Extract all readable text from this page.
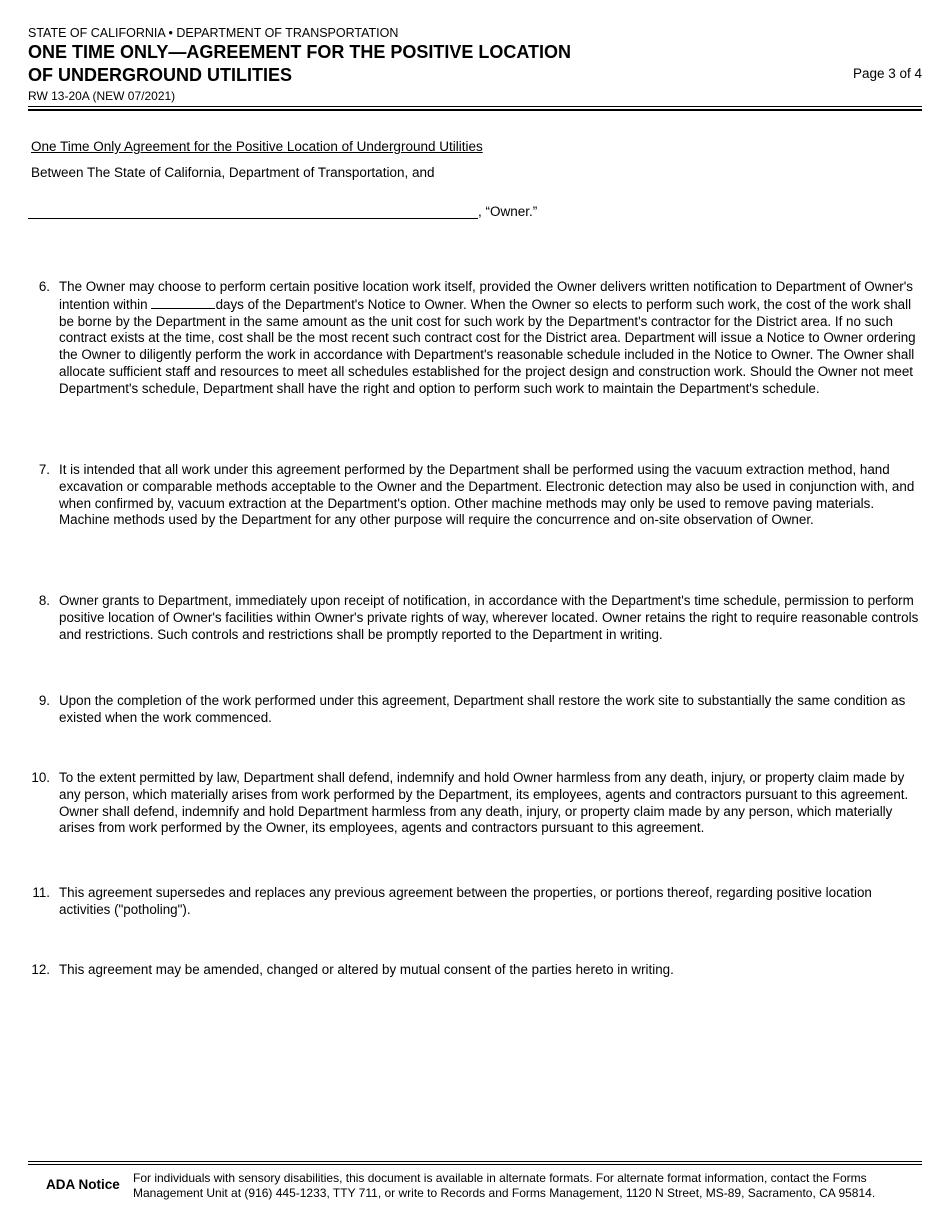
STATE OF CALIFORNIA • DEPARTMENT OF TRANSPORTATION
ONE TIME ONLY—AGREEMENT FOR THE POSITIVE LOCATION
OF UNDERGROUND UTILITIES
RW 13-20A (NEW 07/2021)
Page 3 of 4
One Time Only Agreement for the Positive Location of Underground Utilities
Between The State of California, Department of Transportation, and
, “Owner.”
6. The Owner may choose to perform certain positive location work itself, provided the Owner delivers written notification to Department of Owner's intention within	days of the Department's Notice to Owner. When the Owner so elects to perform such work, the cost of the work shall be borne by the Department in the same amount as the unit cost for such work by the Department's contractor for the District area. If no such contract exists at the time, cost shall be the most recent such contract cost for the District area. Department will issue a Notice to Owner ordering the Owner to diligently perform the work in accordance with Department's reasonable schedule included in the Notice to Owner. The Owner shall allocate sufficient staff and resources to meet all schedules established for the project design and construction work. Should the Owner not meet Department's schedule, Department shall have the right and option to perform such work to maintain the Department's schedule.
7. It is intended that all work under this agreement performed by the Department shall be performed using the vacuum extraction method, hand excavation or comparable methods acceptable to the Owner and the Department. Electronic detection may also be used in conjunction with, and when confirmed by, vacuum extraction at the Department's option. Other machine methods may only be used to remove paving materials. Machine methods used by the Department for any other purpose will require the concurrence and on-site observation of Owner.
8. Owner grants to Department, immediately upon receipt of notification, in accordance with the Department's time schedule, permission to perform positive location of Owner's facilities within Owner's private rights of way, wherever located. Owner retains the right to require reasonable controls and restrictions. Such controls and restrictions shall be promptly reported to the Department in writing.
9. Upon the completion of the work performed under this agreement, Department shall restore the work site to substantially the same condition as existed when the work commenced.
10. To the extent permitted by law, Department shall defend, indemnify and hold Owner harmless from any death, injury, or property claim made by any person, which materially arises from work performed by the Department, its employees, agents and contractors pursuant to this agreement. Owner shall defend, indemnify and hold Department harmless from any death, injury, or property claim made by any person, which materially arises from work performed by the Owner, its employees, agents and contractors pursuant to this agreement.
11. This agreement supersedes and replaces any previous agreement between the properties, or portions thereof, regarding positive location activities ("potholing").
12. This agreement may be amended, changed or altered by mutual consent of the parties hereto in writing.
ADA Notice For individuals with sensory disabilities, this document is available in alternate formats. For alternate format information, contact the Forms Management Unit at (916) 445-1233, TTY 711, or write to Records and Forms Management, 1120 N Street, MS-89, Sacramento, CA 95814.
